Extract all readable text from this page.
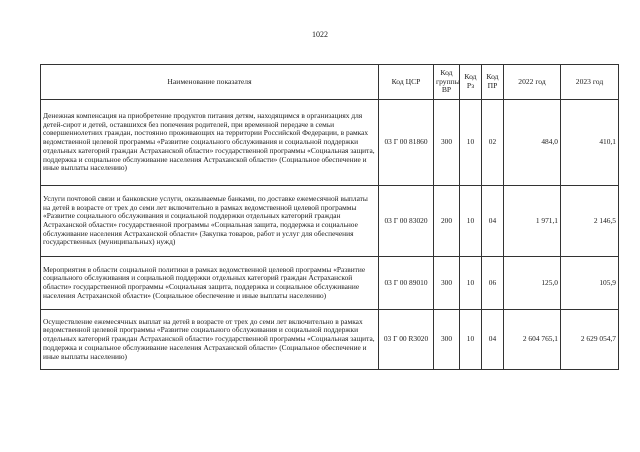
1022
Наименование показателя	Код ЦСР	Код группы ВР	Код Рз	Код ПР	2022 год	2023 год
Денежная компенсация на приобретение продуктов питания детям, находящимся в организациях для детей-сирот и детей, оставшихся без попечения родителей, при временной передаче в семьи совершеннолетних граждан, постоянно проживающих на территории Российской Федерации, в рамках ведомственной целевой программы «Развитие социального обслуживания и социальной поддержки отдельных категорий граждан Астраханской области» государственной программы «Социальная защита, поддержка и социальное обслуживание населения Астраханской области» (Социальное обеспечение и иные выплаты населению)	03 Г 00 81860	300	10	02	484,0	410,1
Услуги почтовой связи и банковские услуги, оказываемые банками, по доставке ежемесячной выплаты на детей в возрасте от трех до семи лет включительно в рамках ведомственной целевой программы «Развитие социального обслуживания и социальной поддержки отдельных категорий граждан Астраханской области» государственной программы «Социальная защита, поддержка и социальное обслуживание населения Астраханской области» (Закупка товаров, работ и услуг для обеспечения государственных (муниципальных) нужд)	03 Г 00 83020	200	10	04	1 971,1	2 146,5
Мероприятия в области социальной политики в рамках ведомственной целевой программы «Развитие социального обслуживания и социальной поддержки отдельных категорий граждан Астраханской области» государственной программы «Социальная защита, поддержка и социальное обслуживание населения Астраханской области» (Социальное обеспечение и иные выплаты населению)	03 Г 00 89010	300	10	06	125,0	105,9
Осуществление ежемесячных выплат на детей в возрасте от трех до семи лет включительно в рамках ведомственной целевой программы «Развитие социального обслуживания и социальной поддержки отдельных категорий граждан Астраханской области» государственной программы «Социальная защита, поддержка и социальное обслуживание населения Астраханской области» (Социальное обеспечение и иные выплаты населению)	03 Г 00 R3020	300	10	04	2 604 765,1	2 629 054,7
